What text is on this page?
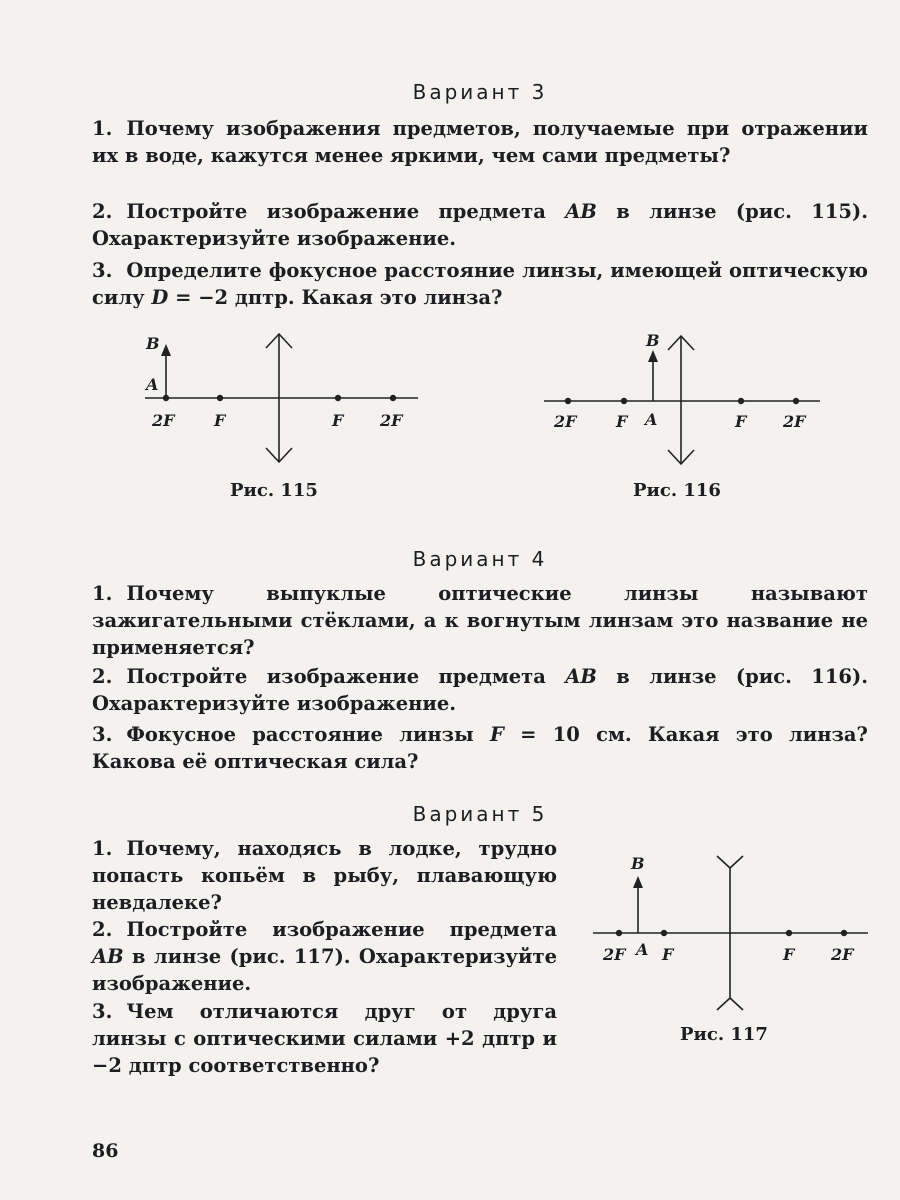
Вариант 3
1. Почему изображения предметов, получаемые при отражении их в воде, кажутся менее яркими, чем сами предметы?
2. Постройте изображение предмета AB в линзе (рис. 115). Охарактеризуйте изображение.
3. Определите фокусное расстояние линзы, имеющей оптическую силу D = −2 дптр. Какая это линза?
B
A
2F F	F 2F
B
A
2F F	F 2F
B
A
2F F	F 2F
Рис. 115	Рис. 116
Вариант 4
1. Почему выпуклые оптические линзы называют зажигательными стёклами, а к вогнутым линзам это название не применяется?
2. Постройте изображение предмета AB в линзе (рис. 116). Охарактеризуйте изображение.
3. Фокусное расстояние линзы F = 10 см. Какая это линза? Какова её оптическая сила?
Вариант 5
1. Почему, находясь в лодке, трудно попасть копьём в рыбу, плавающую невдалеке?
2. Постройте изображение предмета AB в линзе (рис. 117). Охарактеризуйте изображение.
3. Чем отличаются друг от друга линзы с оптическими силами +2 дптр и −2 дптр соответственно?
Рис. 117
86
